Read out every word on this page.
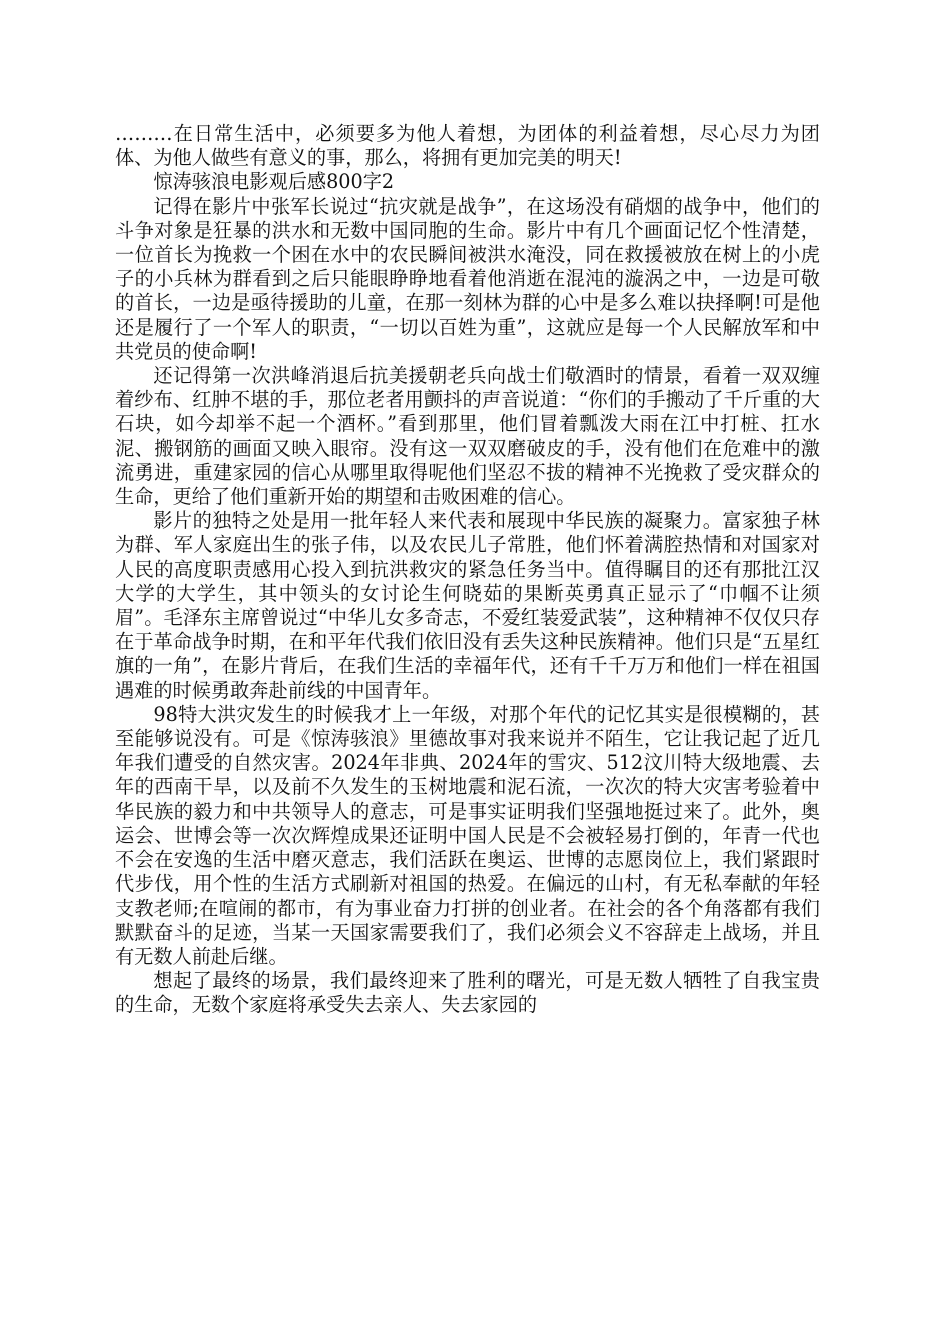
………在日常生活中，必须要多为他人着想，为团体的利益着想，尽心尽力为团体、为他人做些有意义的事，那么，将拥有更加完美的明天!

惊涛骇浪电影观后感800字2

记得在影片中张军长说过“抗灾就是战争”，在这场没有硝烟的战争中，他们的斗争对象是狂暴的洪水和无数中国同胞的生命。影片中有几个画面记忆个性清楚，一位首长为挽救一个困在水中的农民瞬间被洪水淹没，同在救援被放在树上的小虎子的小兵林为群看到之后只能眼睁睁地看着他消逝在混沌的漩涡之中，一边是可敬的首长，一边是亟待援助的儿童，在那一刻林为群的心中是多么难以抉择啊!可是他还是履行了一个军人的职责，“一切以百姓为重”，这就应是每一个人民解放军和中共党员的使命啊!

还记得第一次洪峰消退后抗美援朝老兵向战士们敬酒时的情景，看着一双双缠着纱布、红肿不堪的手，那位老者用颤抖的声音说道：“你们的手搬动了千斤重的大石块，如今却举不起一个酒杯。”看到那里，他们冒着瓢泼大雨在江中打桩、扛水泥、搬钢筋的画面又映入眼帘。没有这一双双磨破皮的手，没有他们在危难中的激流勇进，重建家园的信心从哪里取得呢他们坚忍不拔的精神不光挽救了受灾群众的生命，更给了他们重新开始的期望和击败困难的信心。

影片的独特之处是用一批年轻人来代表和展现中华民族的凝聚力。富家独子林为群、军人家庭出生的张子伟，以及农民儿子常胜，他们怀着满腔热情和对国家对人民的高度职责感用心投入到抗洪救灾的紧急任务当中。值得瞩目的还有那批江汉大学的大学生，其中领头的女讨论生何晓茹的果断英勇真正显示了“巾帼不让须眉”。毛泽东主席曾说过“中华儿女多奇志，不爱红装爱武装”，这种精神不仅仅只存在于革命战争时期，在和平年代我们依旧没有丢失这种民族精神。他们只是“五星红旗的一角”，在影片背后，在我们生活的幸福年代，还有千千万万和他们一样在祖国遇难的时候勇敢奔赴前线的中国青年。

98特大洪灾发生的时候我才上一年级，对那个年代的记忆其实是很模糊的，甚至能够说没有。可是《惊涛骇浪》里德故事对我来说并不陌生，它让我记起了近几年我们遭受的自然灾害。2024年非典、2024年的雪灾、512汶川特大级地震、去年的西南干旱，以及前不久发生的玉树地震和泥石流，一次次的特大灾害考验着中华民族的毅力和中共领导人的意志，可是事实证明我们坚强地挺过来了。此外，奥运会、世博会等一次次辉煌成果还证明中国人民是不会被轻易打倒的，年青一代也不会在安逸的生活中磨灭意志，我们活跃在奥运、世博的志愿岗位上，我们紧跟时代步伐，用个性的生活方式刷新对祖国的热爱。在偏远的山村，有无私奉献的年轻支教老师;在喧闹的都市，有为事业奋力打拼的创业者。在社会的各个角落都有我们默默奋斗的足迹，当某一天国家需要我们了，我们必须会义不容辞走上战场，并且有无数人前赴后继。

想起了最终的场景，我们最终迎来了胜利的曙光，可是无数人牺牲了自我宝贵的生命，无数个家庭将承受失去亲人、失去家园的
